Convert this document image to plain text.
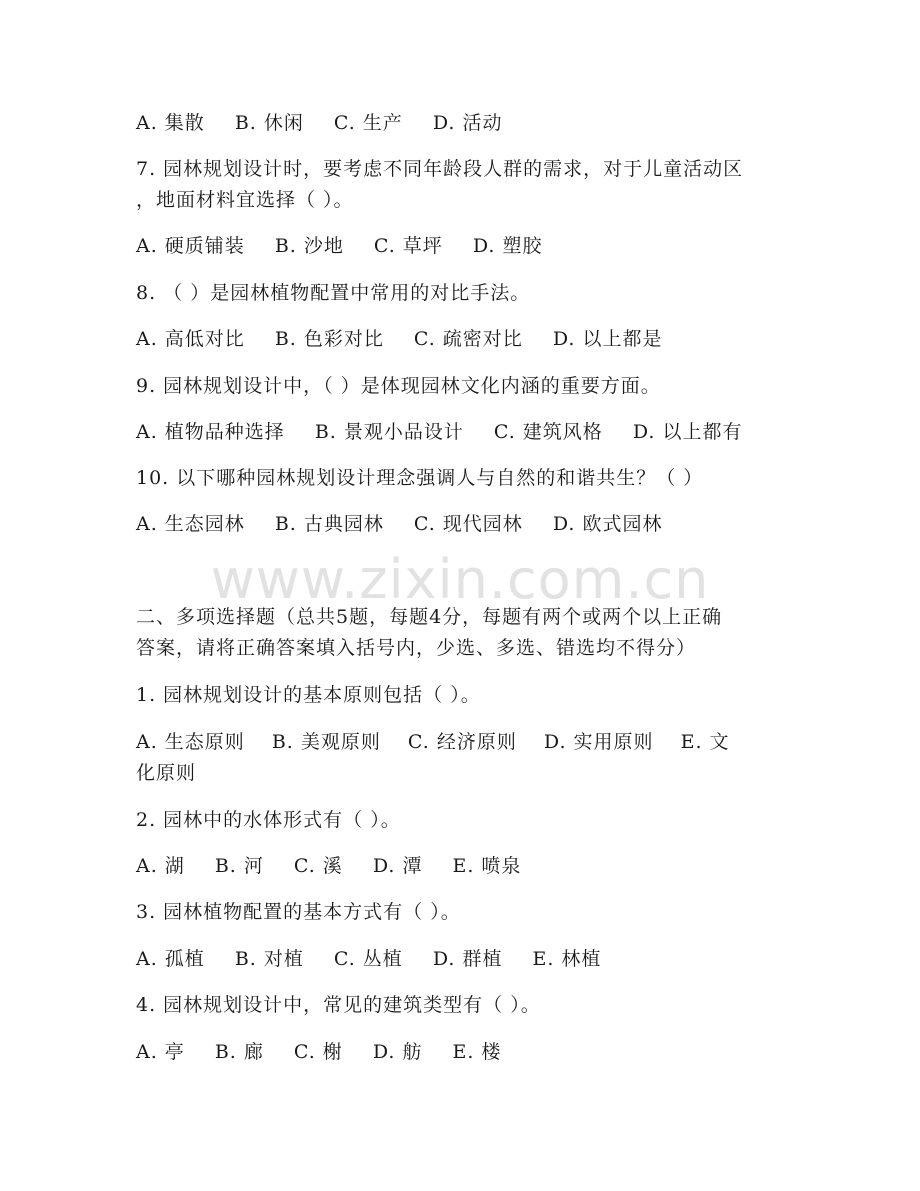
A. 集散 B. 休闲 C. 生产 D. 活动
7. 园林规划设计时，要考虑不同年龄段人群的需求，对于儿童活动区
，地面材料宜选择（ ）。
A. 硬质铺装 B. 沙地 C. 草坪 D. 塑胶
8. （ ）是园林植物配置中常用的对比手法。
A. 高低对比 B. 色彩对比 C. 疏密对比 D. 以上都是
9. 园林规划设计中，（ ）是体现园林文化内涵的重要方面。
A. 植物品种选择 B. 景观小品设计 C. 建筑风格 D. 以上都有
10. 以下哪种园林规划设计理念强调人与自然的和谐共生？（ ）
A. 生态园林 B. 古典园林 C. 现代园林 D. 欧式园林
www.zixin.com.cn
二、多项选择题（总共5题，每题4分，每题有两个或两个以上正确
答案，请将正确答案填入括号内，少选、多选、错选均不得分）
1. 园林规划设计的基本原则包括（ ）。
A. 生态原则　 B. 美观原则　 C. 经济原则　 D. 实用原则　 E. 文
化原则
2. 园林中的水体形式有（ ）。
A. 湖 B. 河 C. 溪 D. 潭 E. 喷泉
3. 园林植物配置的基本方式有（ ）。
A. 孤植 B. 对植 C. 丛植 D. 群植 E. 林植
4. 园林规划设计中，常见的建筑类型有（ ）。
A. 亭 B. 廊 C. 榭 D. 舫 E. 楼
